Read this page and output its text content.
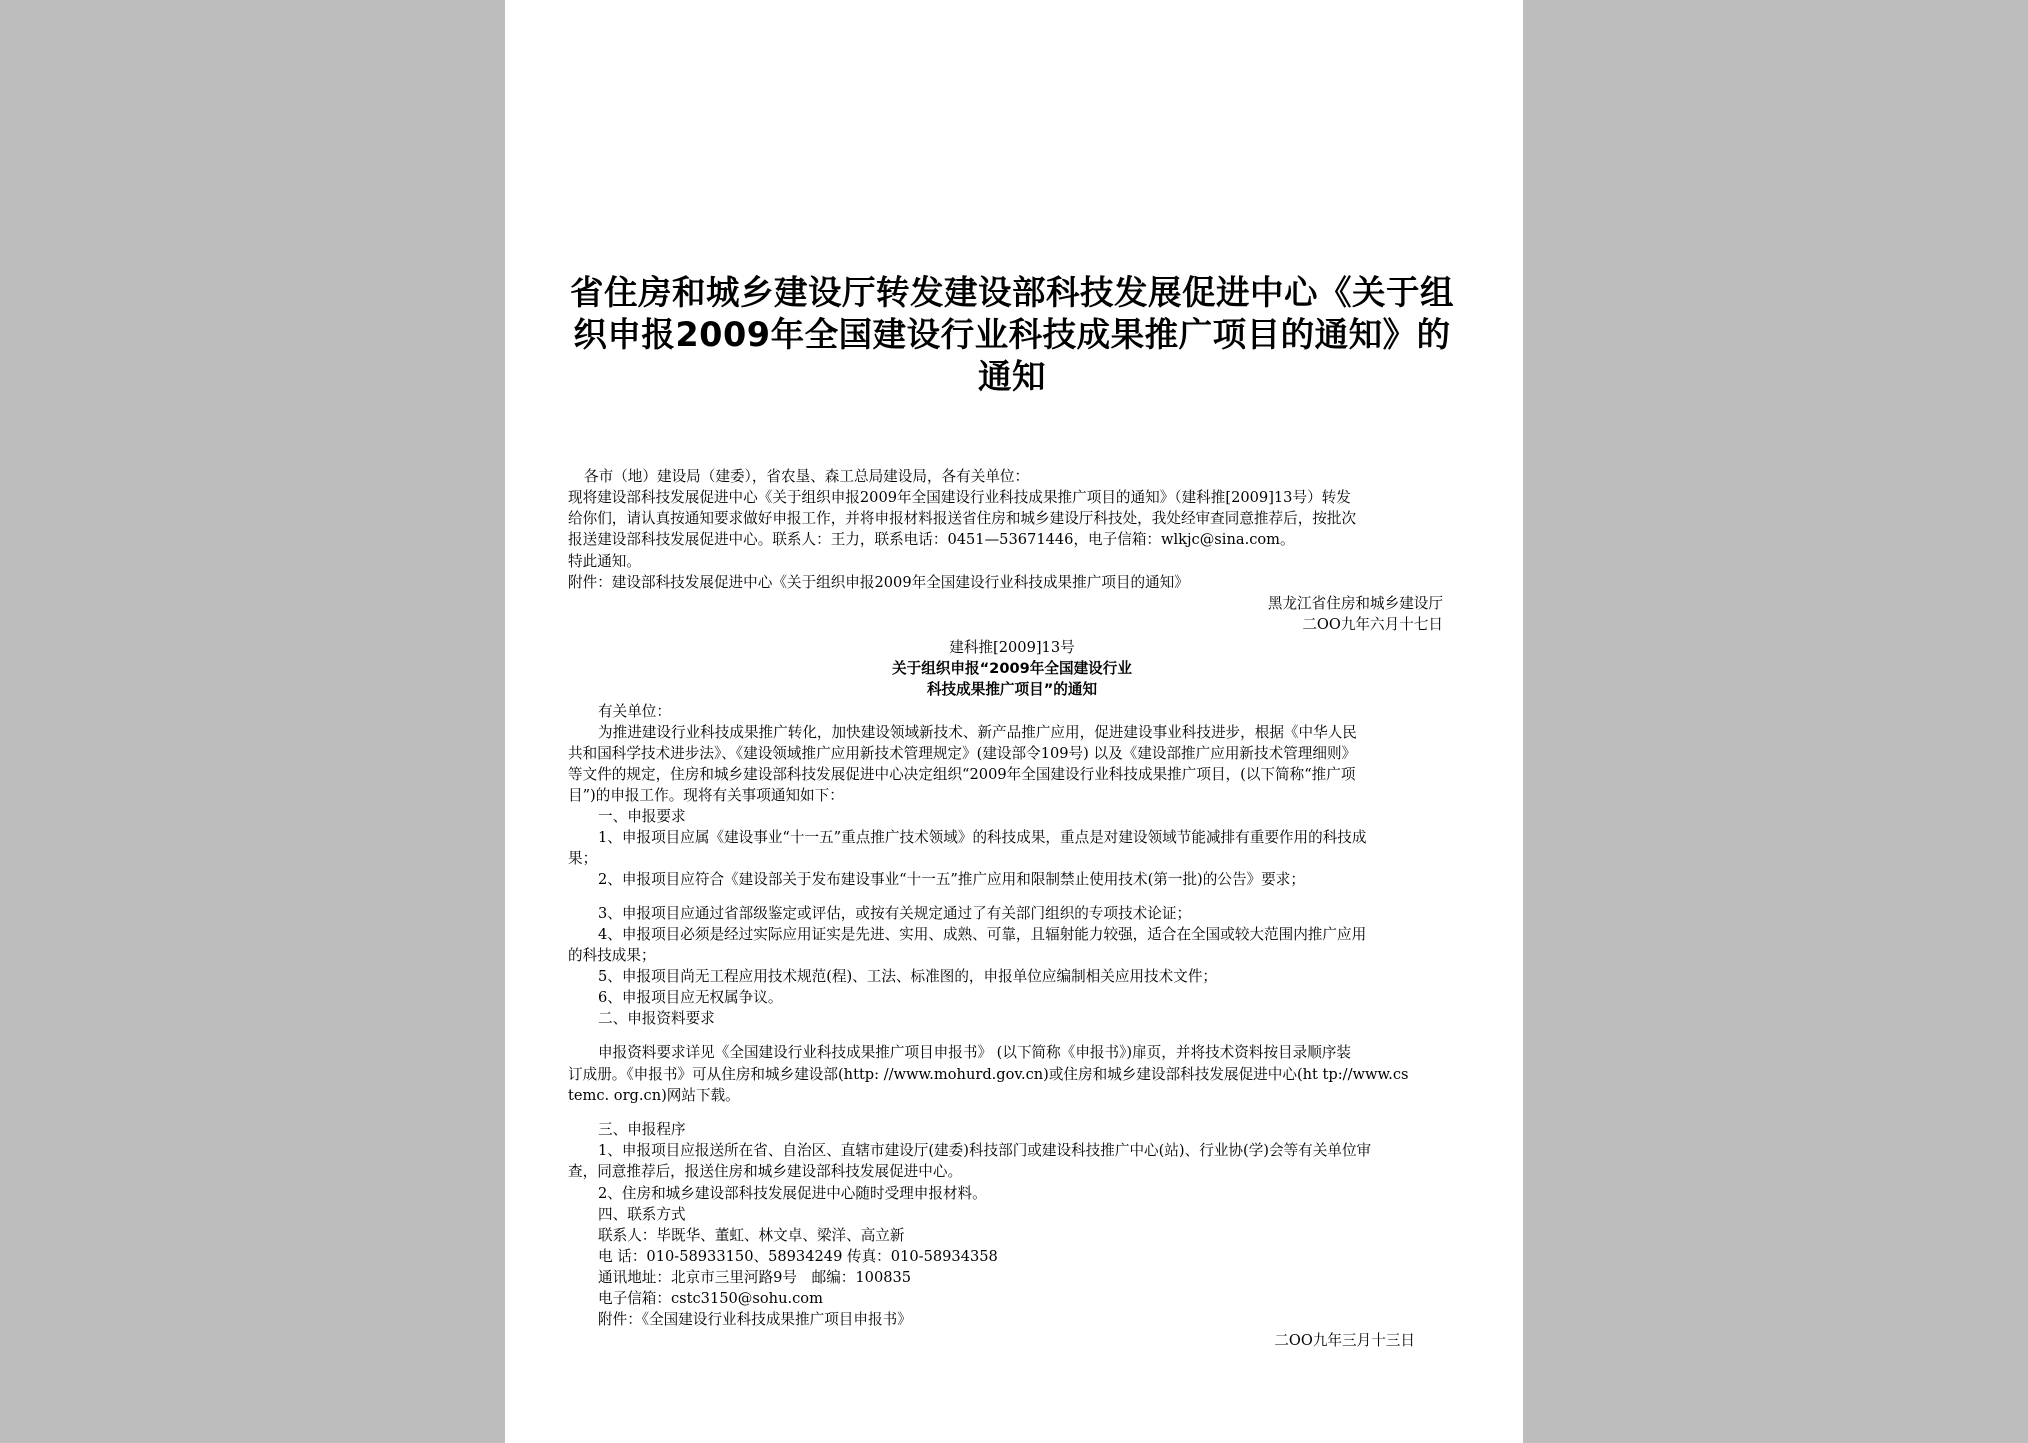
省住房和城乡建设厅转发建设部科技发展促进中心《关于组织申报2009年全国建设行业科技成果推广项目的通知》的通知
各市（地）建设局（建委），省农垦、森工总局建设局，各有关单位：
现将建设部科技发展促进中心《关于组织申报2009年全国建设行业科技成果推广项目的通知》（建科推[2009]13号）转发
给你们，请认真按通知要求做好申报工作，并将申报材料报送省住房和城乡建设厅科技处，我处经审查同意推荐后，按批次
报送建设部科技发展促进中心。联系人：王力，联系电话：0451—53671446，电子信箱：wlkjc@sina.com。
特此通知。
附件：建设部科技发展促进中心《关于组织申报2009年全国建设行业科技成果推广项目的通知》
黑龙江省住房和城乡建设厅
二OO九年六月十七日
建科推[2009]13号
关于组织申报“2009年全国建设行业
科技成果推广项目”的通知
有关单位：
为推进建设行业科技成果推广转化，加快建设领域新技术、新产品推广应用，促进建设事业科技进步，根据《中华人民
共和国科学技术进步法》、《建设领域推广应用新技术管理规定》(建设部令109号) 以及《建设部推广应用新技术管理细则》
等文件的规定，住房和城乡建设部科技发展促进中心决定组织“2009年全国建设行业科技成果推广项目，(以下简称“推广项
目”)的申报工作。现将有关事项通知如下：
一、申报要求
1、申报项目应属《建设事业“十一五”重点推广技术领域》的科技成果，重点是对建设领域节能减排有重要作用的科技成
果；
2、申报项目应符合《建设部关于发布建设事业“十一五”推广应用和限制禁止使用技术(第一批)的公告》要求；
3、申报项目应通过省部级鉴定或评估，或按有关规定通过了有关部门组织的专项技术论证；
4、申报项目必须是经过实际应用证实是先进、实用、成熟、可靠，且辐射能力较强，适合在全国或较大范围内推广应用
的科技成果；
5、申报项目尚无工程应用技术规范(程)、工法、标准图的，申报单位应编制相关应用技术文件；
6、申报项目应无权属争议。
二、申报资料要求
申报资料要求详见《全国建设行业科技成果推广项目申报书》 (以下简称《申报书》)扉页，并将技术资料按目录顺序装
订成册。《申报书》可从住房和城乡建设部(http: //www.mohurd.gov.cn)或住房和城乡建设部科技发展促进中心(ht tp://www.cs
temc. org.cn)网站下载。
三、申报程序
1、申报项目应报送所在省、自治区、直辖市建设厅(建委)科技部门或建设科技推广中心(站)、行业协(学)会等有关单位审
查，同意推荐后，报送住房和城乡建设部科技发展促进中心。
2、住房和城乡建设部科技发展促进中心随时受理申报材料。
四、联系方式
联系人：毕既华、董虹、林文卓、梁洋、高立新
电 话：010-58933150、58934249 传真：010-58934358
通讯地址：北京市三里河路9号　邮编：100835
电子信箱：cstc3150@sohu.com
附件：《全国建设行业科技成果推广项目申报书》
二OO九年三月十三日
